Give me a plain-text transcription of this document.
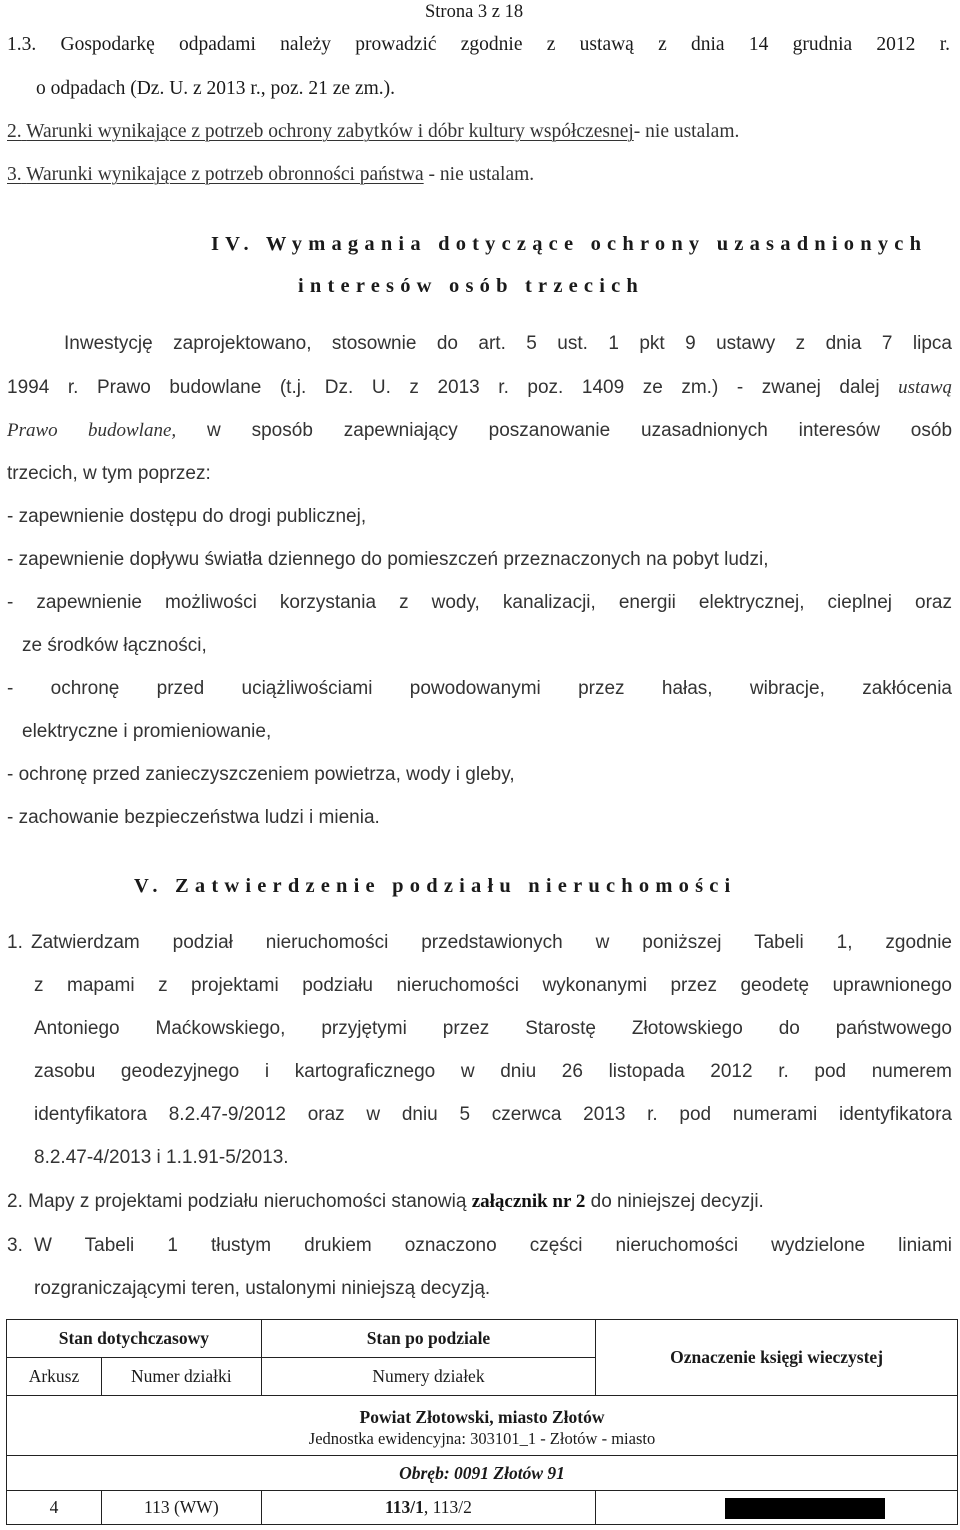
Strona 3 z 18
1.3. Gospodarkę odpadami należy prowadzić zgodnie z ustawą z dnia 14 grudnia 2012 r.
o odpadach (Dz. U. z 2013 r., poz. 21 ze zm.).
2. Warunki wynikające z potrzeb ochrony zabytków i dóbr kultury współczesnej- nie ustalam.
3. Warunki wynikające z potrzeb obronności państwa - nie ustalam.
IV. Wymagania dotyczące ochrony uzasadnionych
interesów osób trzecich
Inwestycję zaprojektowano, stosownie do art. 5 ust. 1 pkt 9 ustawy z dnia 7 lipca
1994 r. Prawo budowlane (t.j. Dz. U. z 2013 r. poz. 1409 ze zm.) - zwanej dalej ustawą
Prawo budowlane, w sposób zapewniający poszanowanie uzasadnionych interesów osób
trzecich, w tym poprzez:
- zapewnienie dostępu do drogi publicznej,
- zapewnienie dopływu światła dziennego do pomieszczeń przeznaczonych na pobyt ludzi,
- zapewnienie możliwości korzystania z wody, kanalizacji, energii elektrycznej, cieplnej oraz
ze środków łączności,
- ochronę przed uciążliwościami powodowanymi przez hałas, wibracje, zakłócenia
elektryczne i promieniowanie,
- ochronę przed zanieczyszczeniem powietrza, wody i gleby,
- zachowanie bezpieczeństwa ludzi i mienia.
V. Zatwierdzenie podziału nieruchomości
1. Zatwierdzam podział nieruchomości przedstawionych w poniższej Tabeli 1, zgodnie
z mapami z projektami podziału nieruchomości wykonanymi przez geodetę uprawnionego
Antoniego Maćkowskiego, przyjętymi przez Starostę Złotowskiego do państwowego
zasobu geodezyjnego i kartograficznego w dniu 26 listopada 2012 r. pod numerem
identyfikatora 8.2.47-9/2012 oraz w dniu 5 czerwca 2013 r. pod numerami identyfikatora
8.2.47-4/2013 i 1.1.91-5/2013.
2. Mapy z projektami podziału nieruchomości stanowią załącznik nr 2 do niniejszej decyzji.
3. W Tabeli 1 tłustym drukiem oznaczono części nieruchomości wydzielone liniami
rozgraniczającymi teren, ustalonymi niniejszą decyzją.
Stan dotychczasowy		Stan po podziale	Oznaczenie księgi wieczystej
Arkusz	Numer działki	Numery działek	

Powiat Złotowski, miasto Złotów
Jednostka ewidencyjna: 303101_1 - Złotów - miasto			

Obręb: 0091 Złotów 91			
4	113 (WW)	113/1, 113/2	
